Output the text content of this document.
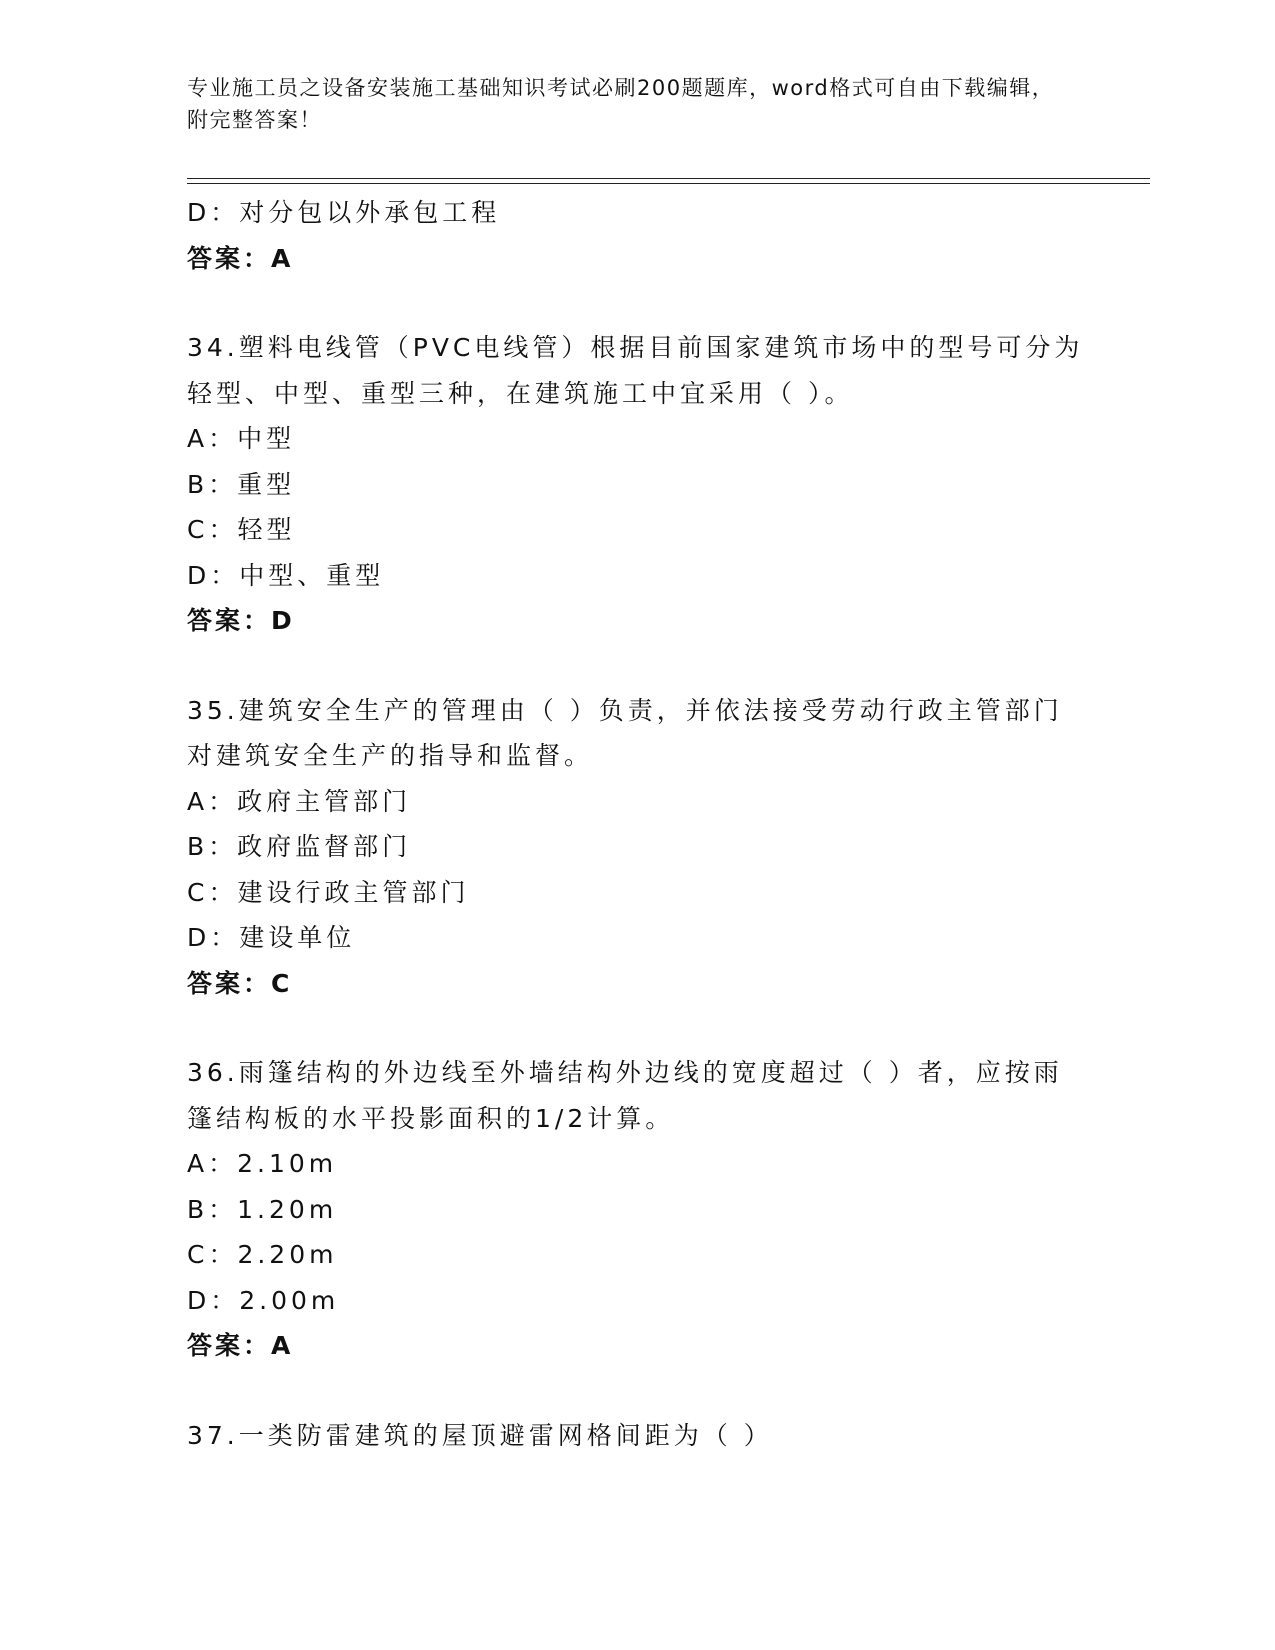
专业施工员之设备安装施工基础知识考试必刷200题题库，word格式可自由下载编辑，附完整答案！

D：对分包以外承包工程
答案：A
34.塑料电线管（PVC电线管）根据目前国家建筑市场中的型号可分为
轻型、中型、重型三种，在建筑施工中宜采用（ ）。
A：中型
B：重型
C：轻型
D：中型、重型
答案：D
35.建筑安全生产的管理由（ ）负责，并依法接受劳动行政主管部门
对建筑安全生产的指导和监督。
A：政府主管部门
B：政府监督部门
C：建设行政主管部门
D：建设单位
答案：C
36.雨篷结构的外边线至外墙结构外边线的宽度超过（ ）者，应按雨
篷结构板的水平投影面积的1/2计算。
A：2.10m
B：1.20m
C：2.20m
D：2.00m
答案：A
37.一类防雷建筑的屋顶避雷网格间距为（ ）
